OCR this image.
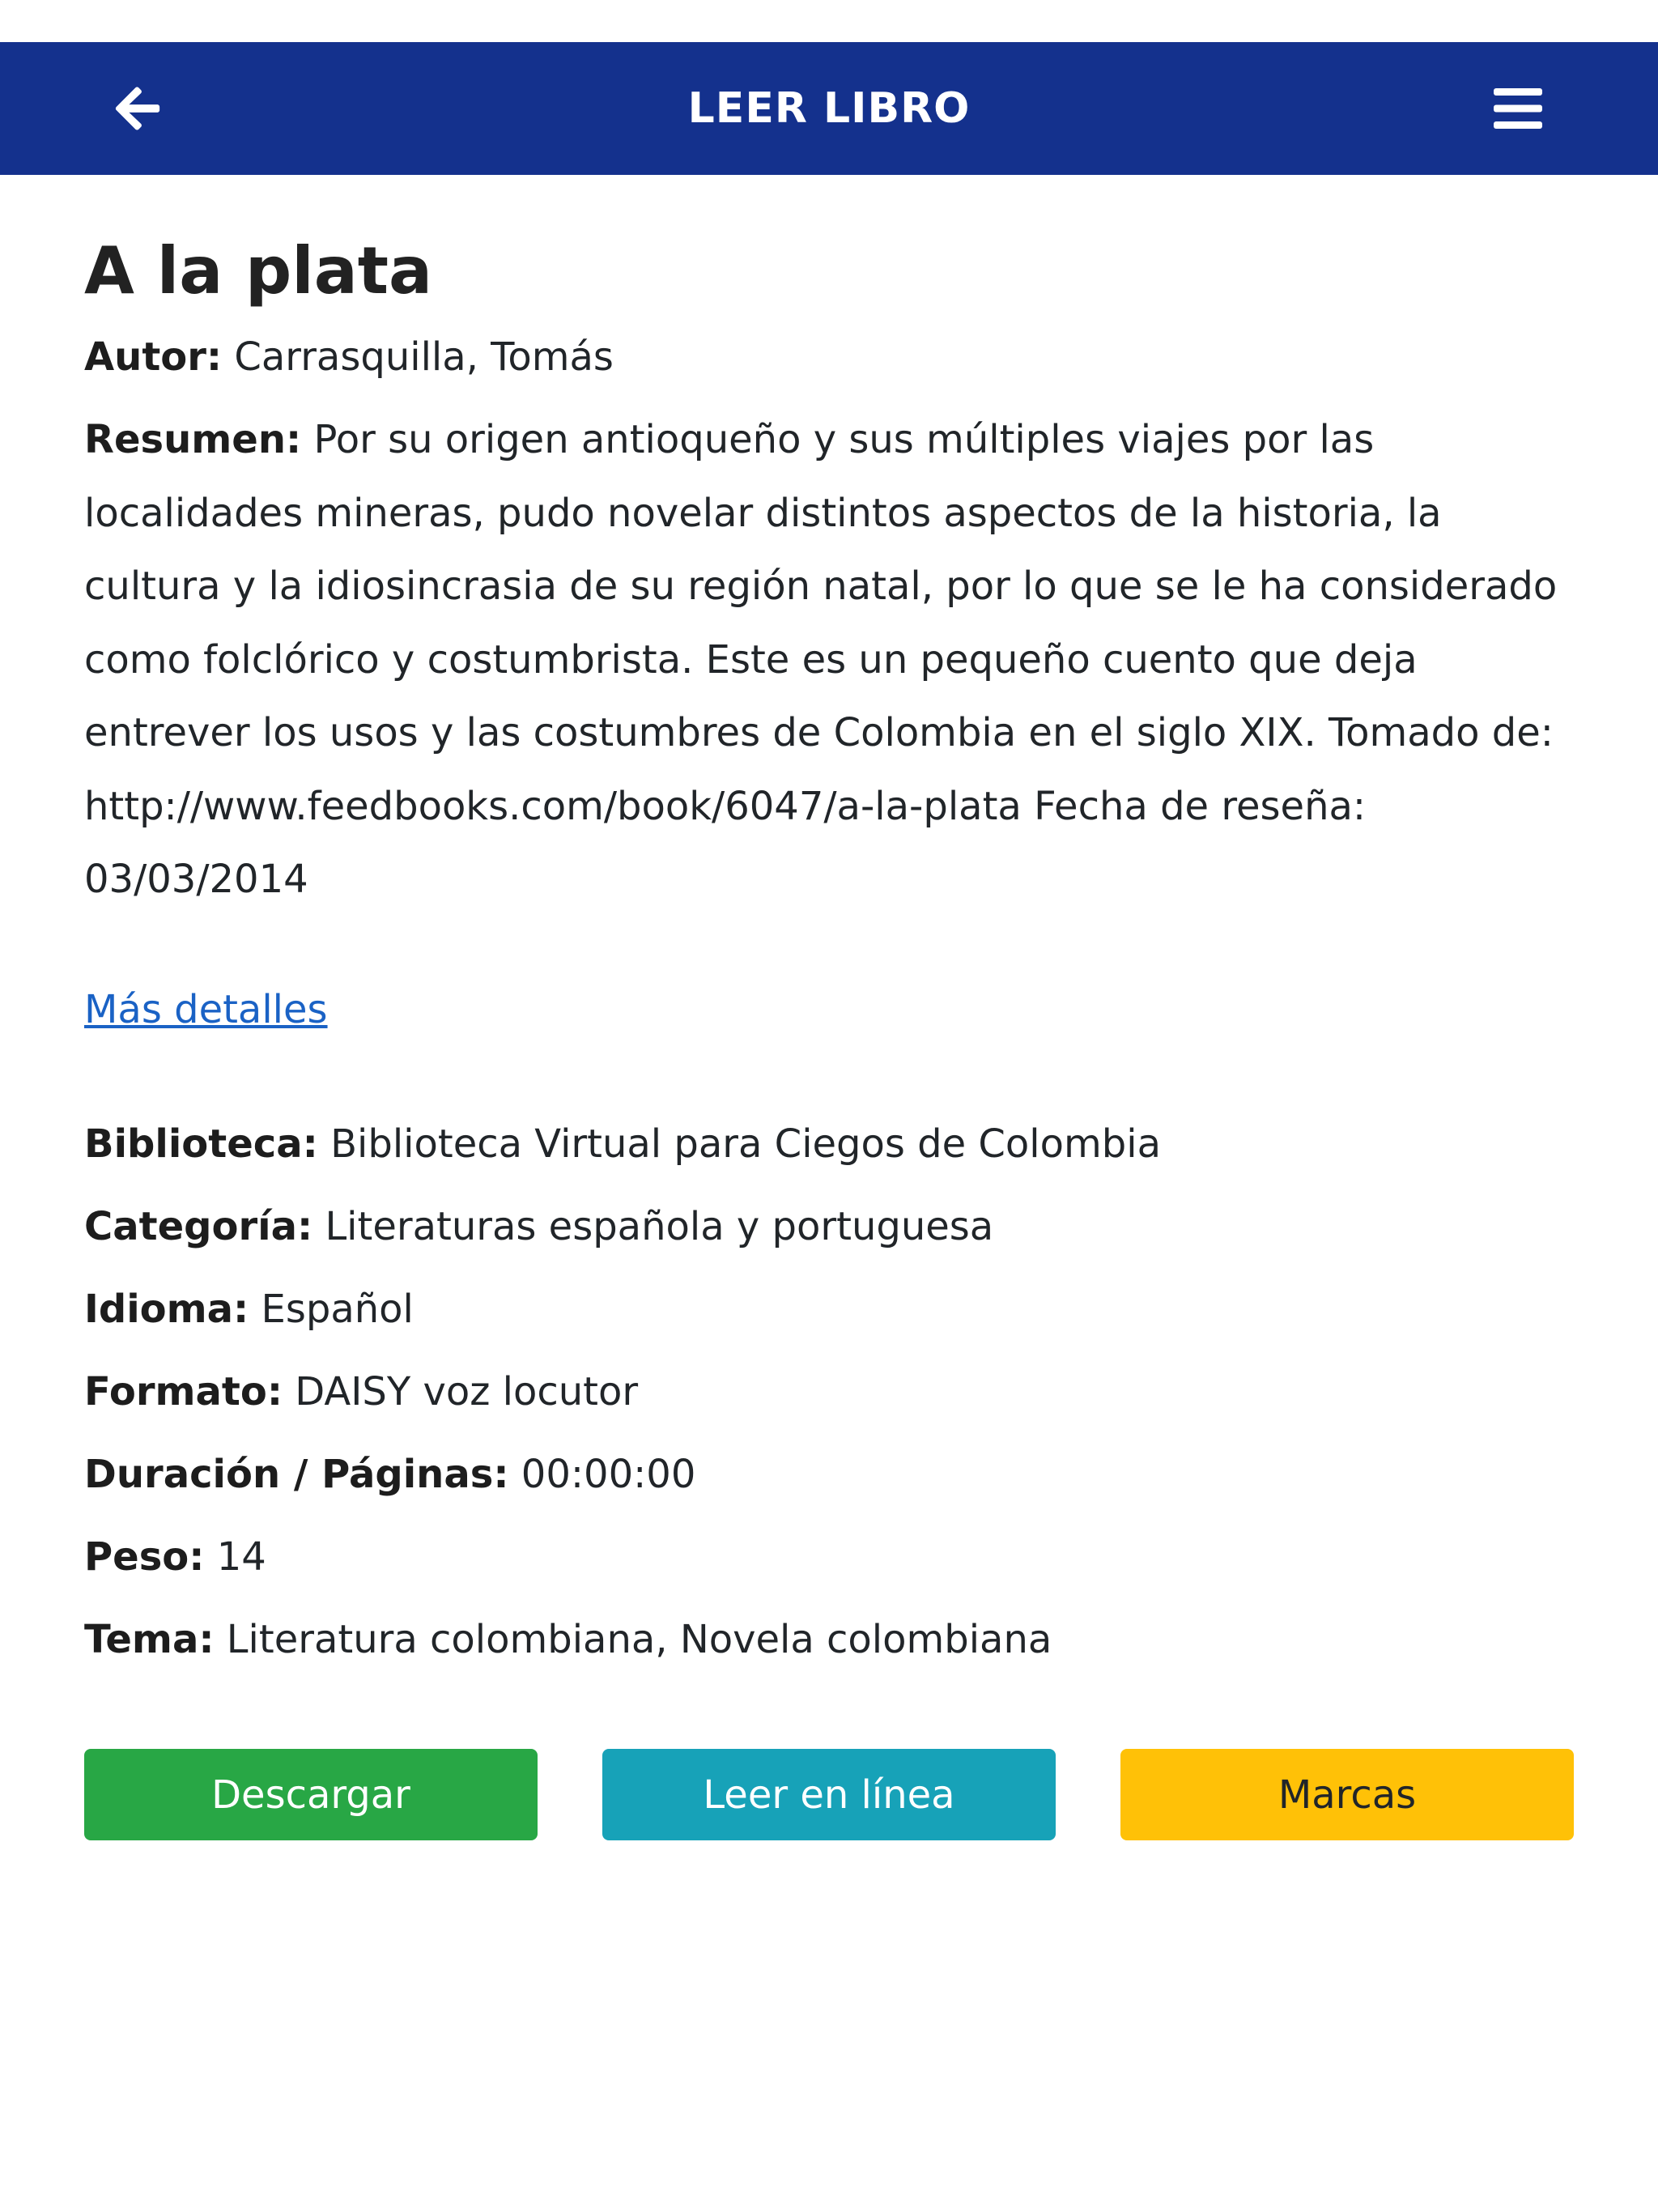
LEER LIBRO
A la plata

Autor: Carrasquilla, Tomás

Resumen: Por su origen antioqueño y sus múltiples viajes por las localidades mineras, pudo novelar distintos aspectos de la historia, la cultura y la idiosincrasia de su región natal, por lo que se le ha considerado como folclórico y costumbrista. Este es un pequeño cuento que deja entrever los usos y las costumbres de Colombia en el siglo XIX. Tomado de: http://www.feedbooks.com/book/6047/a-la-plata Fecha de reseña: 03/03/2014

Más detalles

Biblioteca: Biblioteca Virtual para Ciegos de Colombia

Categoría: Literaturas española y portuguesa

Idioma: Español

Formato: DAISY voz locutor

Duración / Páginas: 00:00:00

Peso: 14

Tema: Literatura colombiana, Novela colombiana

Descargar	Leer en línea	Marcas
